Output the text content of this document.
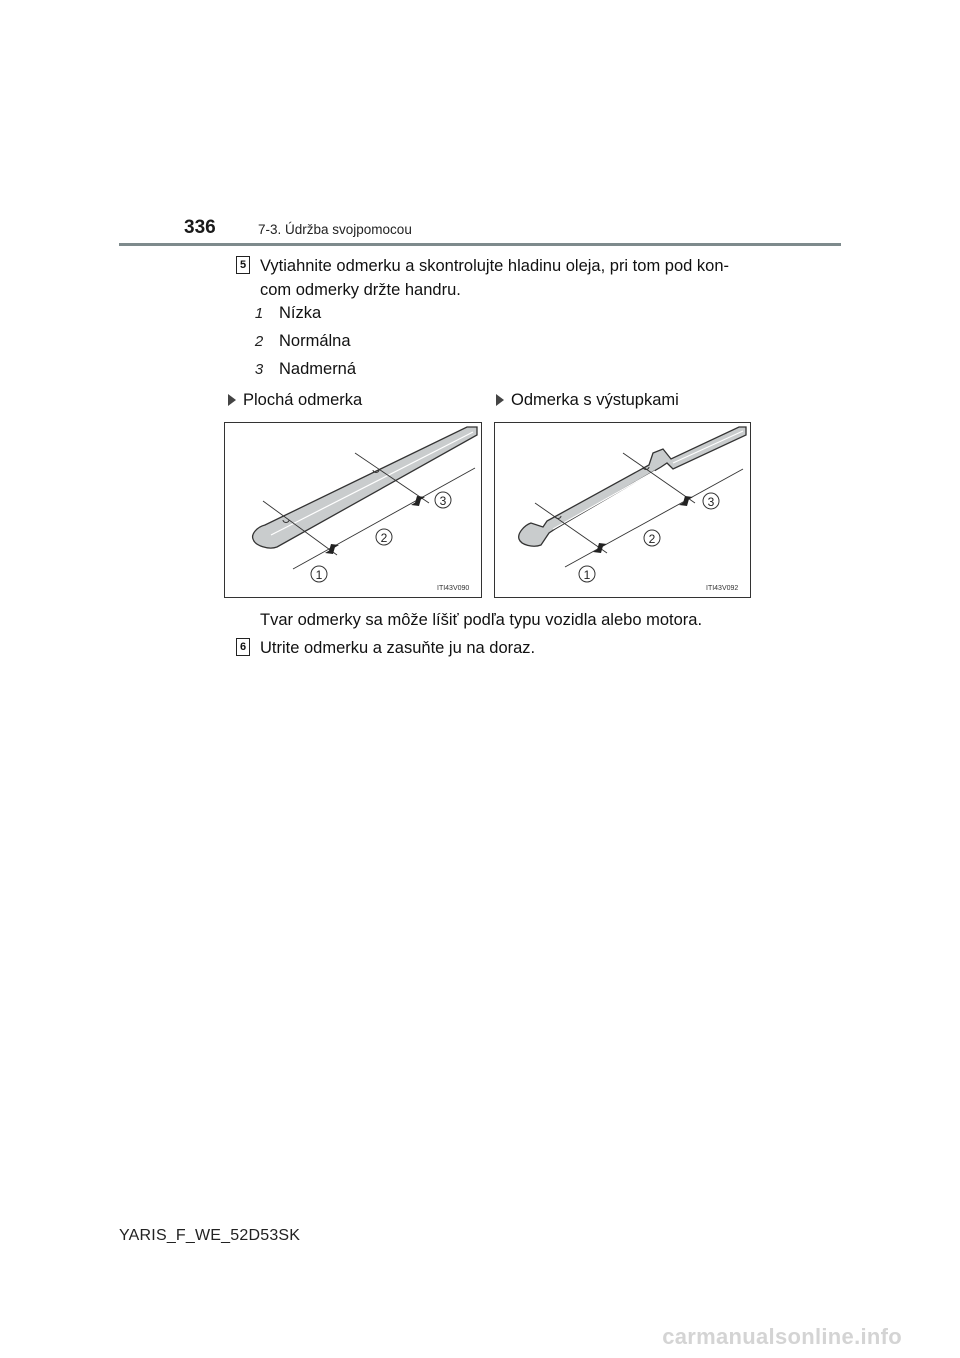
336	7-3. Údržba svojpomocou
5 Vytiahnite odmerku a skontrolujte hladinu oleja, pri tom pod kon-
com odmerky držte handru.
1 Nízka
2 Normálna
3 Nadmerná
Plochá odmerka	Odmerka s výstupkami
1
2
3
ITI43V090
1
2
3
ITI43V092
Tvar odmerky sa môže líšiť podľa typu vozidla alebo motora.
6 Utrite odmerku a zasuňte ju na doraz.
YARIS_F_WE_52D53SK
carmanualsonline.info
